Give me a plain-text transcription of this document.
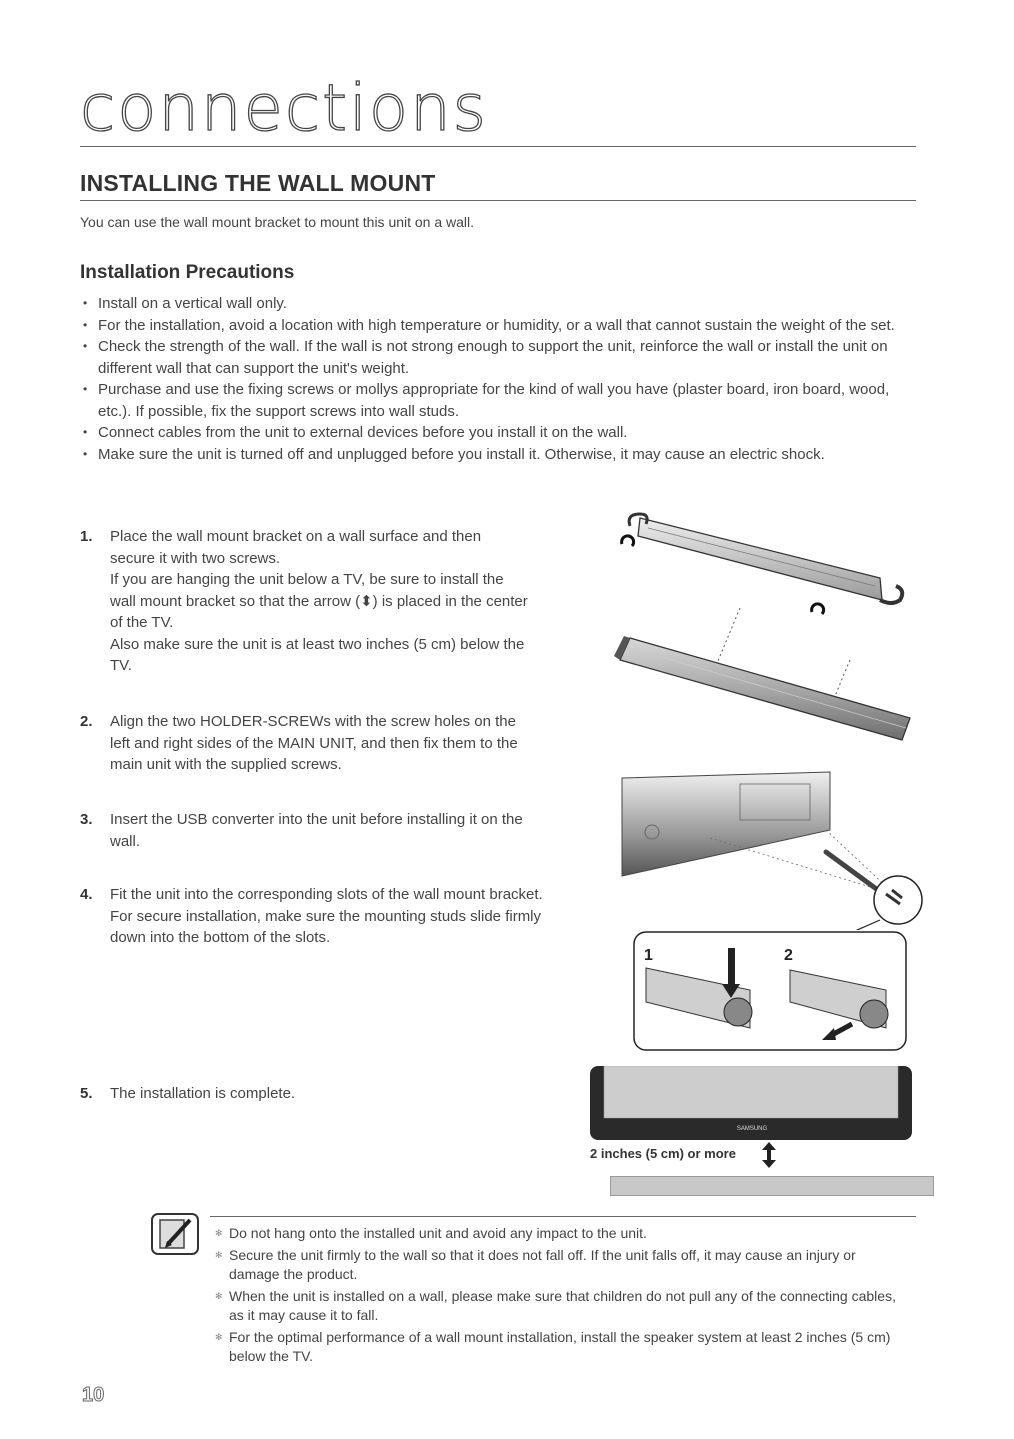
connections
INSTALLING THE WALL MOUNT
You can use the wall mount bracket to mount this unit on a wall.
Installation Precautions
• Install on a vertical wall only.
• For the installation, avoid a location with high temperature or humidity, or a wall that cannot sustain the weight of the set.
• Check the strength of the wall. If the wall is not strong enough to support the unit, reinforce the wall or install the unit on different wall that can support the unit's weight.
• Purchase and use the fixing screws or mollys appropriate for the kind of wall you have (plaster board, iron board, wood, etc.). If possible, fix the support screws into wall studs.
• Connect cables from the unit to external devices before you install it on the wall.
• Make sure the unit is turned off and unplugged before you install it. Otherwise, it may cause an electric shock.
1. Place the wall mount bracket on a wall surface and then secure it with two screws.
If you are hanging the unit below a TV, be sure to install the wall mount bracket so that the arrow (⬍) is placed in the center of the TV.
Also make sure the unit is at least two inches (5 cm) below the TV.
2. Align the two HOLDER-SCREWs with the screw holes on the left and right sides of the MAIN UNIT, and then fix them to the main unit with the supplied screws.
3. Insert the USB converter into the unit before installing it on the wall.
4. Fit the unit into the corresponding slots of the wall mount bracket. For secure installation, make sure the mounting studs slide firmly down into the bottom of the slots.
5. The installation is complete.
1	2
SAMSUNG
2 inches (5 cm) or more
✻ Do not hang onto the installed unit and avoid any impact to the unit.
✻ Secure the unit firmly to the wall so that it does not fall off. If the unit falls off, it may cause an injury or damage the product.
✻ When the unit is installed on a wall, please make sure that children do not pull any of the connecting cables, as it may cause it to fall.
✻ For the optimal performance of a wall mount installation, install the speaker system at least 2 inches (5 cm) below the TV.
10
